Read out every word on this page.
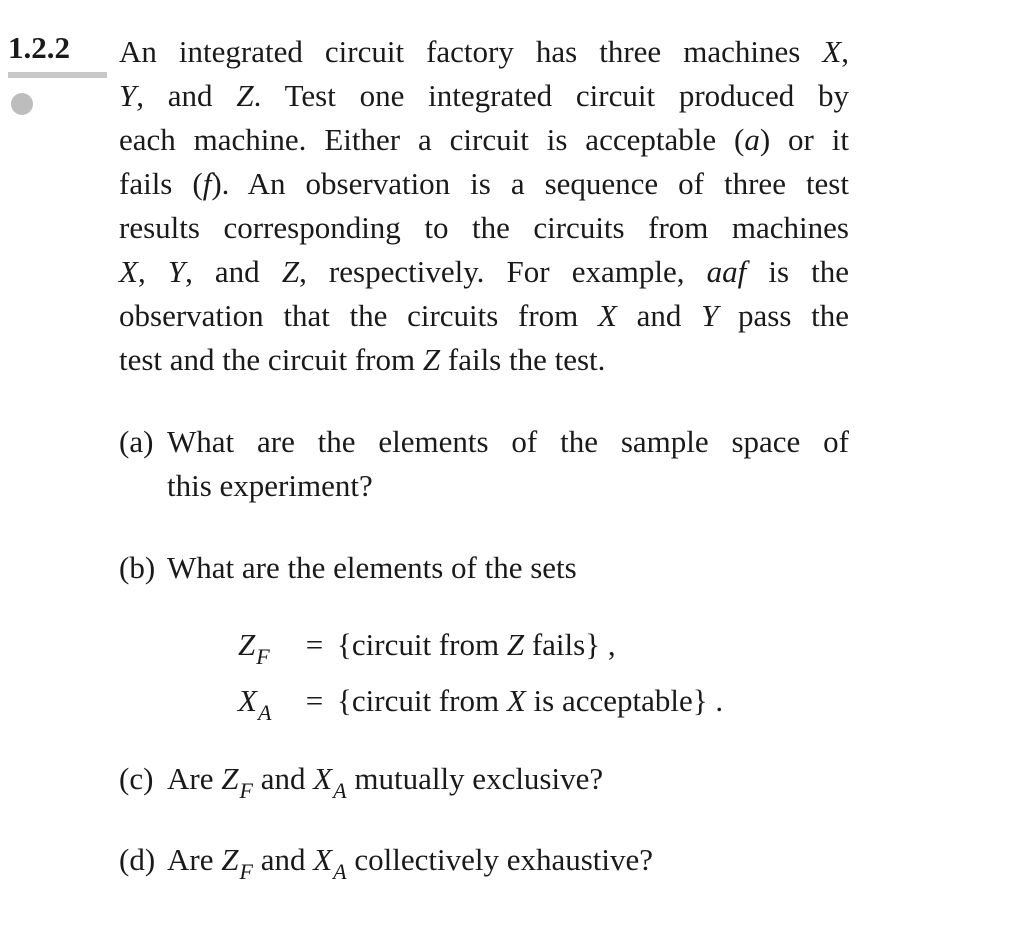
1.2.2 An integrated circuit factory has three machines X,
Y, and Z. Test one integrated circuit produced by
each machine. Either a circuit is acceptable (a) or it
fails (f). An observation is a sequence of three test
results corresponding to the circuits from machines
X, Y, and Z, respectively. For example, aaf is the
observation that the circuits from X and Y pass the
test and the circuit from Z fails the test.
(a) What are the elements of the sample space of
this experiment?
(b) What are the elements of the sets
$Z_F$ = {circuit from Z fails} ,
$X_A$ = {circuit from X is acceptable} .
(c) Are $Z_F$ and $X_A$ mutually exclusive?
(d) Are $Z_F$ and $X_A$ collectively exhaustive?
